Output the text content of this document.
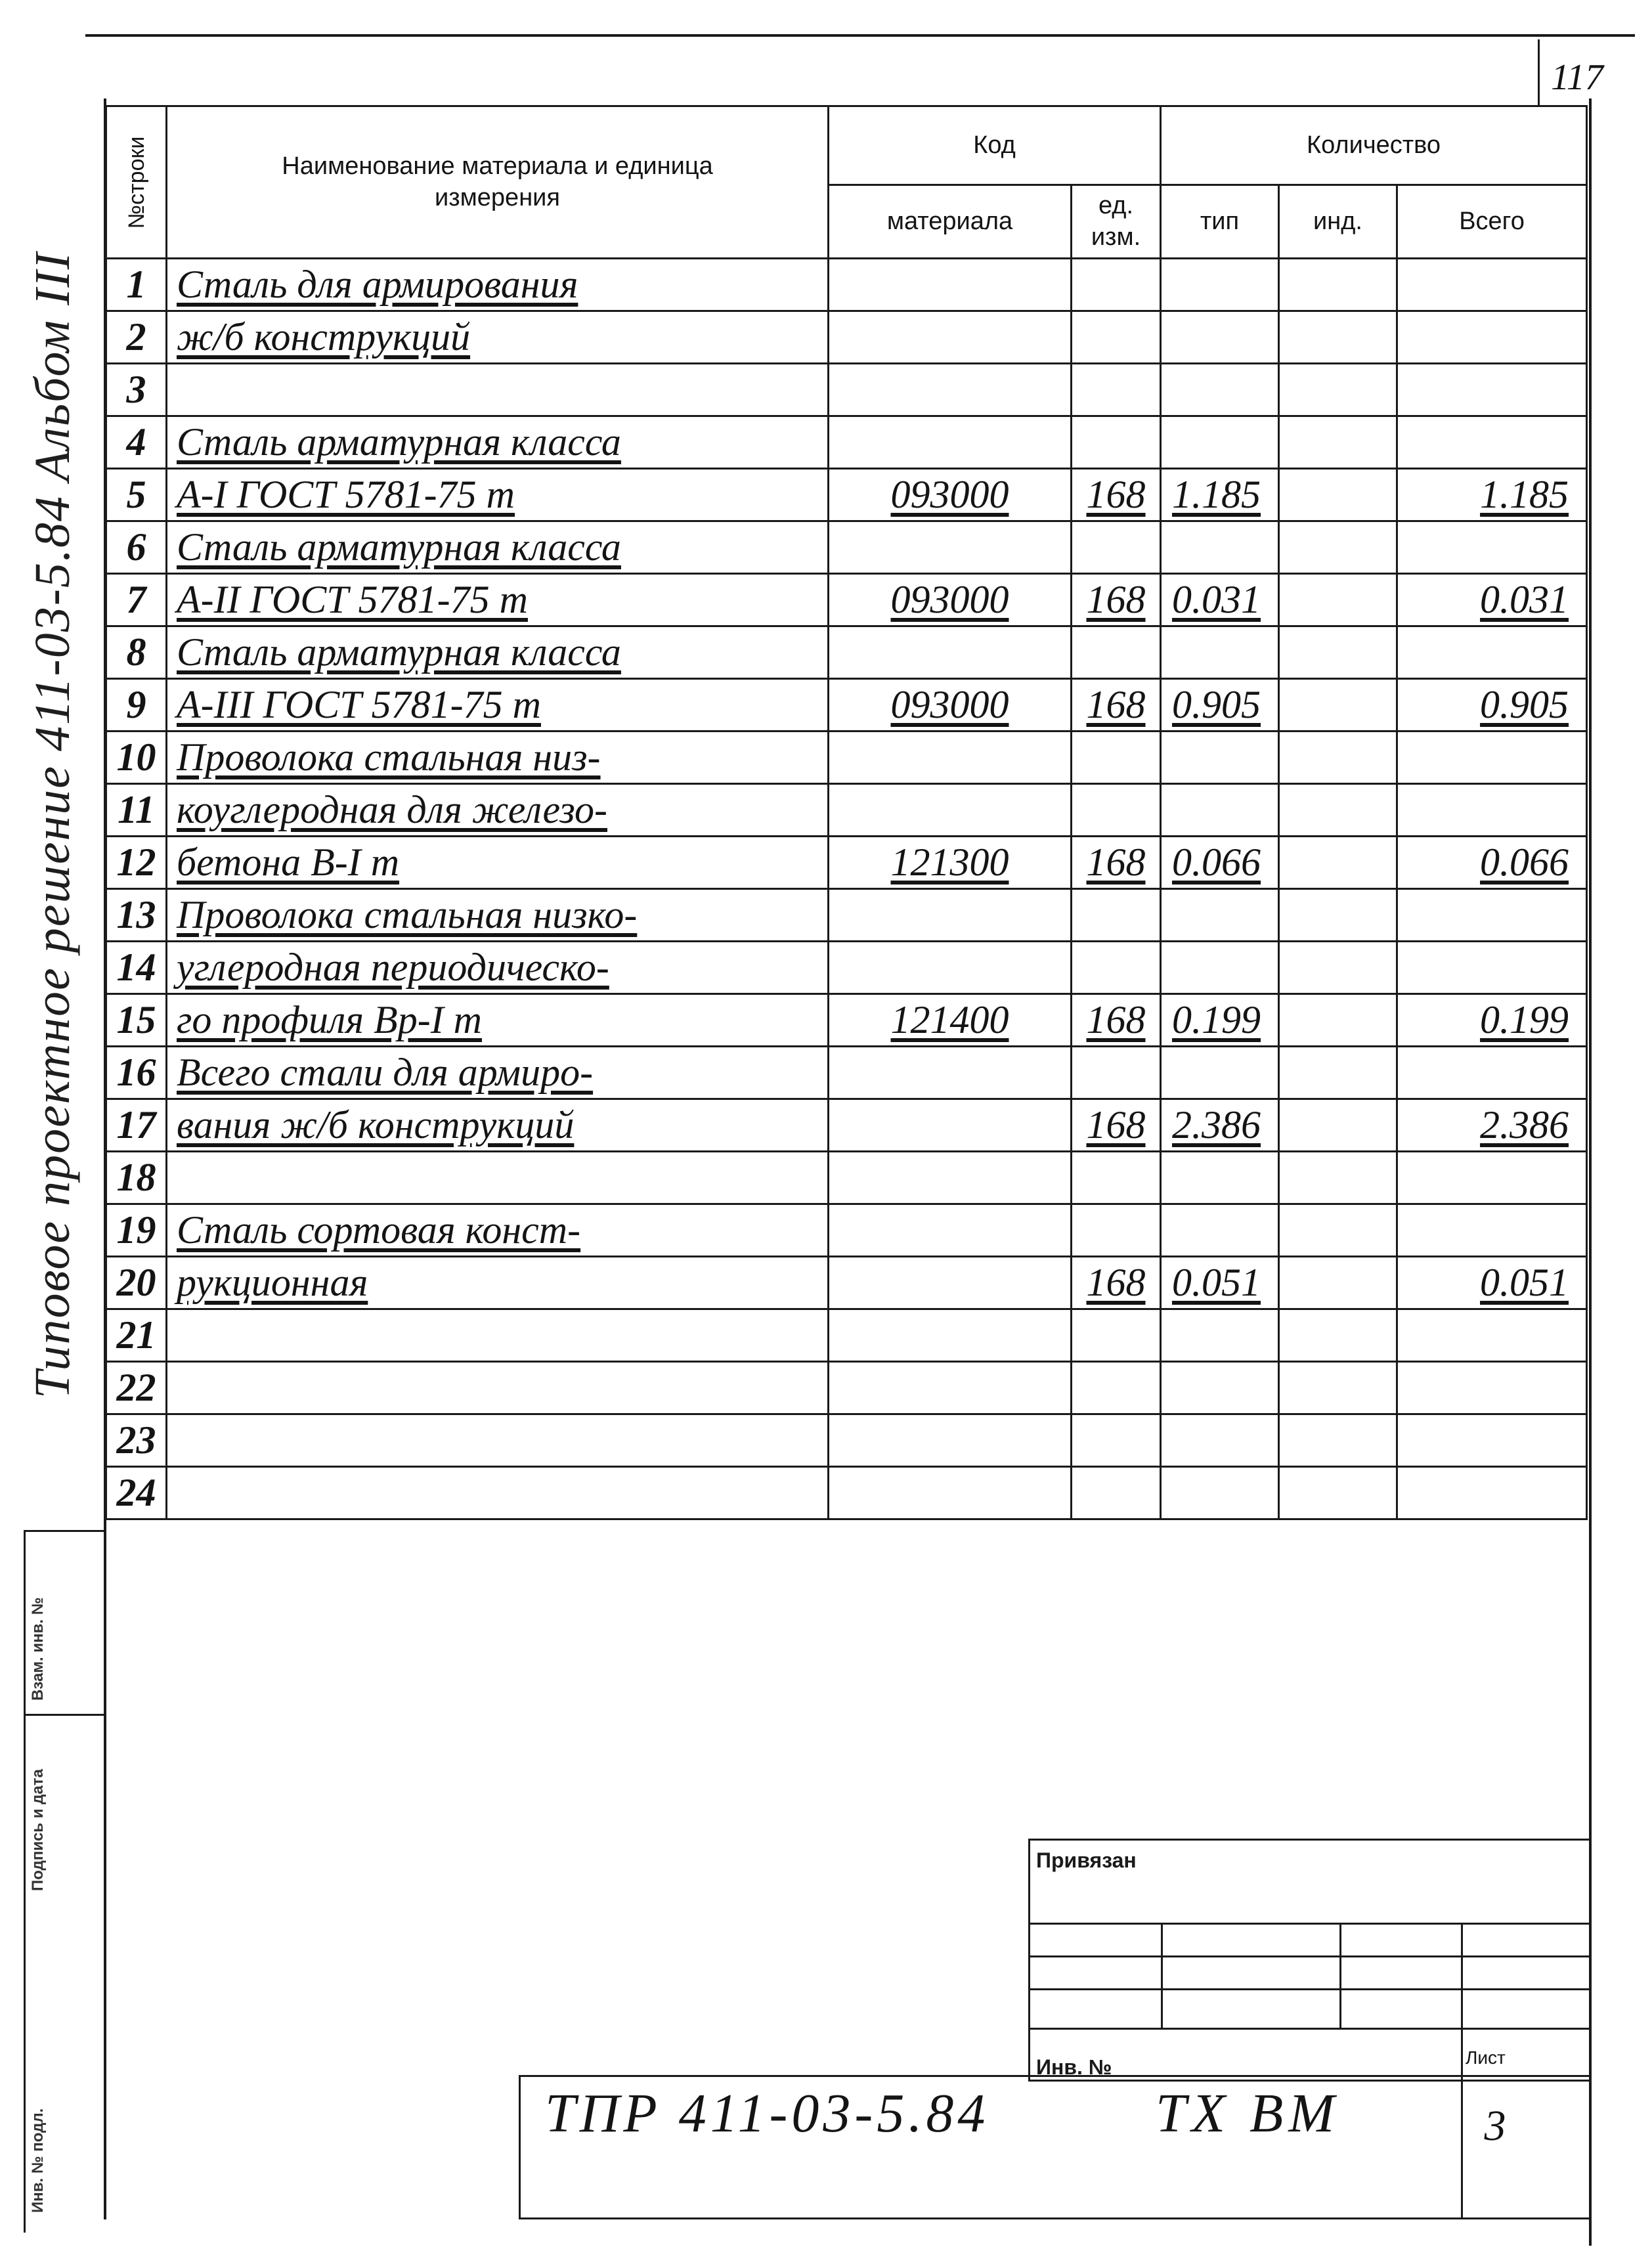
117
Типовое проектное решение 411-03-5.84 Альбом III
Инв. № подл.
Подпись и дата
Взам. инв. №
№строки	Наименование материала и единица измерения	Код		Количество		
		материала	ед. изм.	тип	инд.	Всего
1	Сталь для армирования					
2	ж/б конструкций					
3						
4	Сталь арматурная класса					
5	А-I ГОСТ 5781-75 т	093000	168	1.185		1.185
6	Сталь арматурная класса					
7	А-II ГОСТ 5781-75 т	093000	168	0.031		0.031
8	Сталь арматурная класса					
9	А-III ГОСТ 5781-75 т	093000	168	0.905		0.905
10	Проволока стальная низ-					
11	коуглеродная для железо-					
12	бетона В-I т	121300	168	0.066		0.066
13	Проволока стальная низко-					
14	углеродная периодическо-					
15	го профиля Вр-I т	121400	168	0.199		0.199
16	Всего стали для армиро-					
17	вания ж/б конструкций		168	2.386		2.386
18						
19	Сталь сортовая конст-					
20	рукционная		168	0.051		0.051
21						
22						
23						
24						
Привязан
Инв. №
ТПР 411-03-5.84	ТХ ВМ
Лист
3
